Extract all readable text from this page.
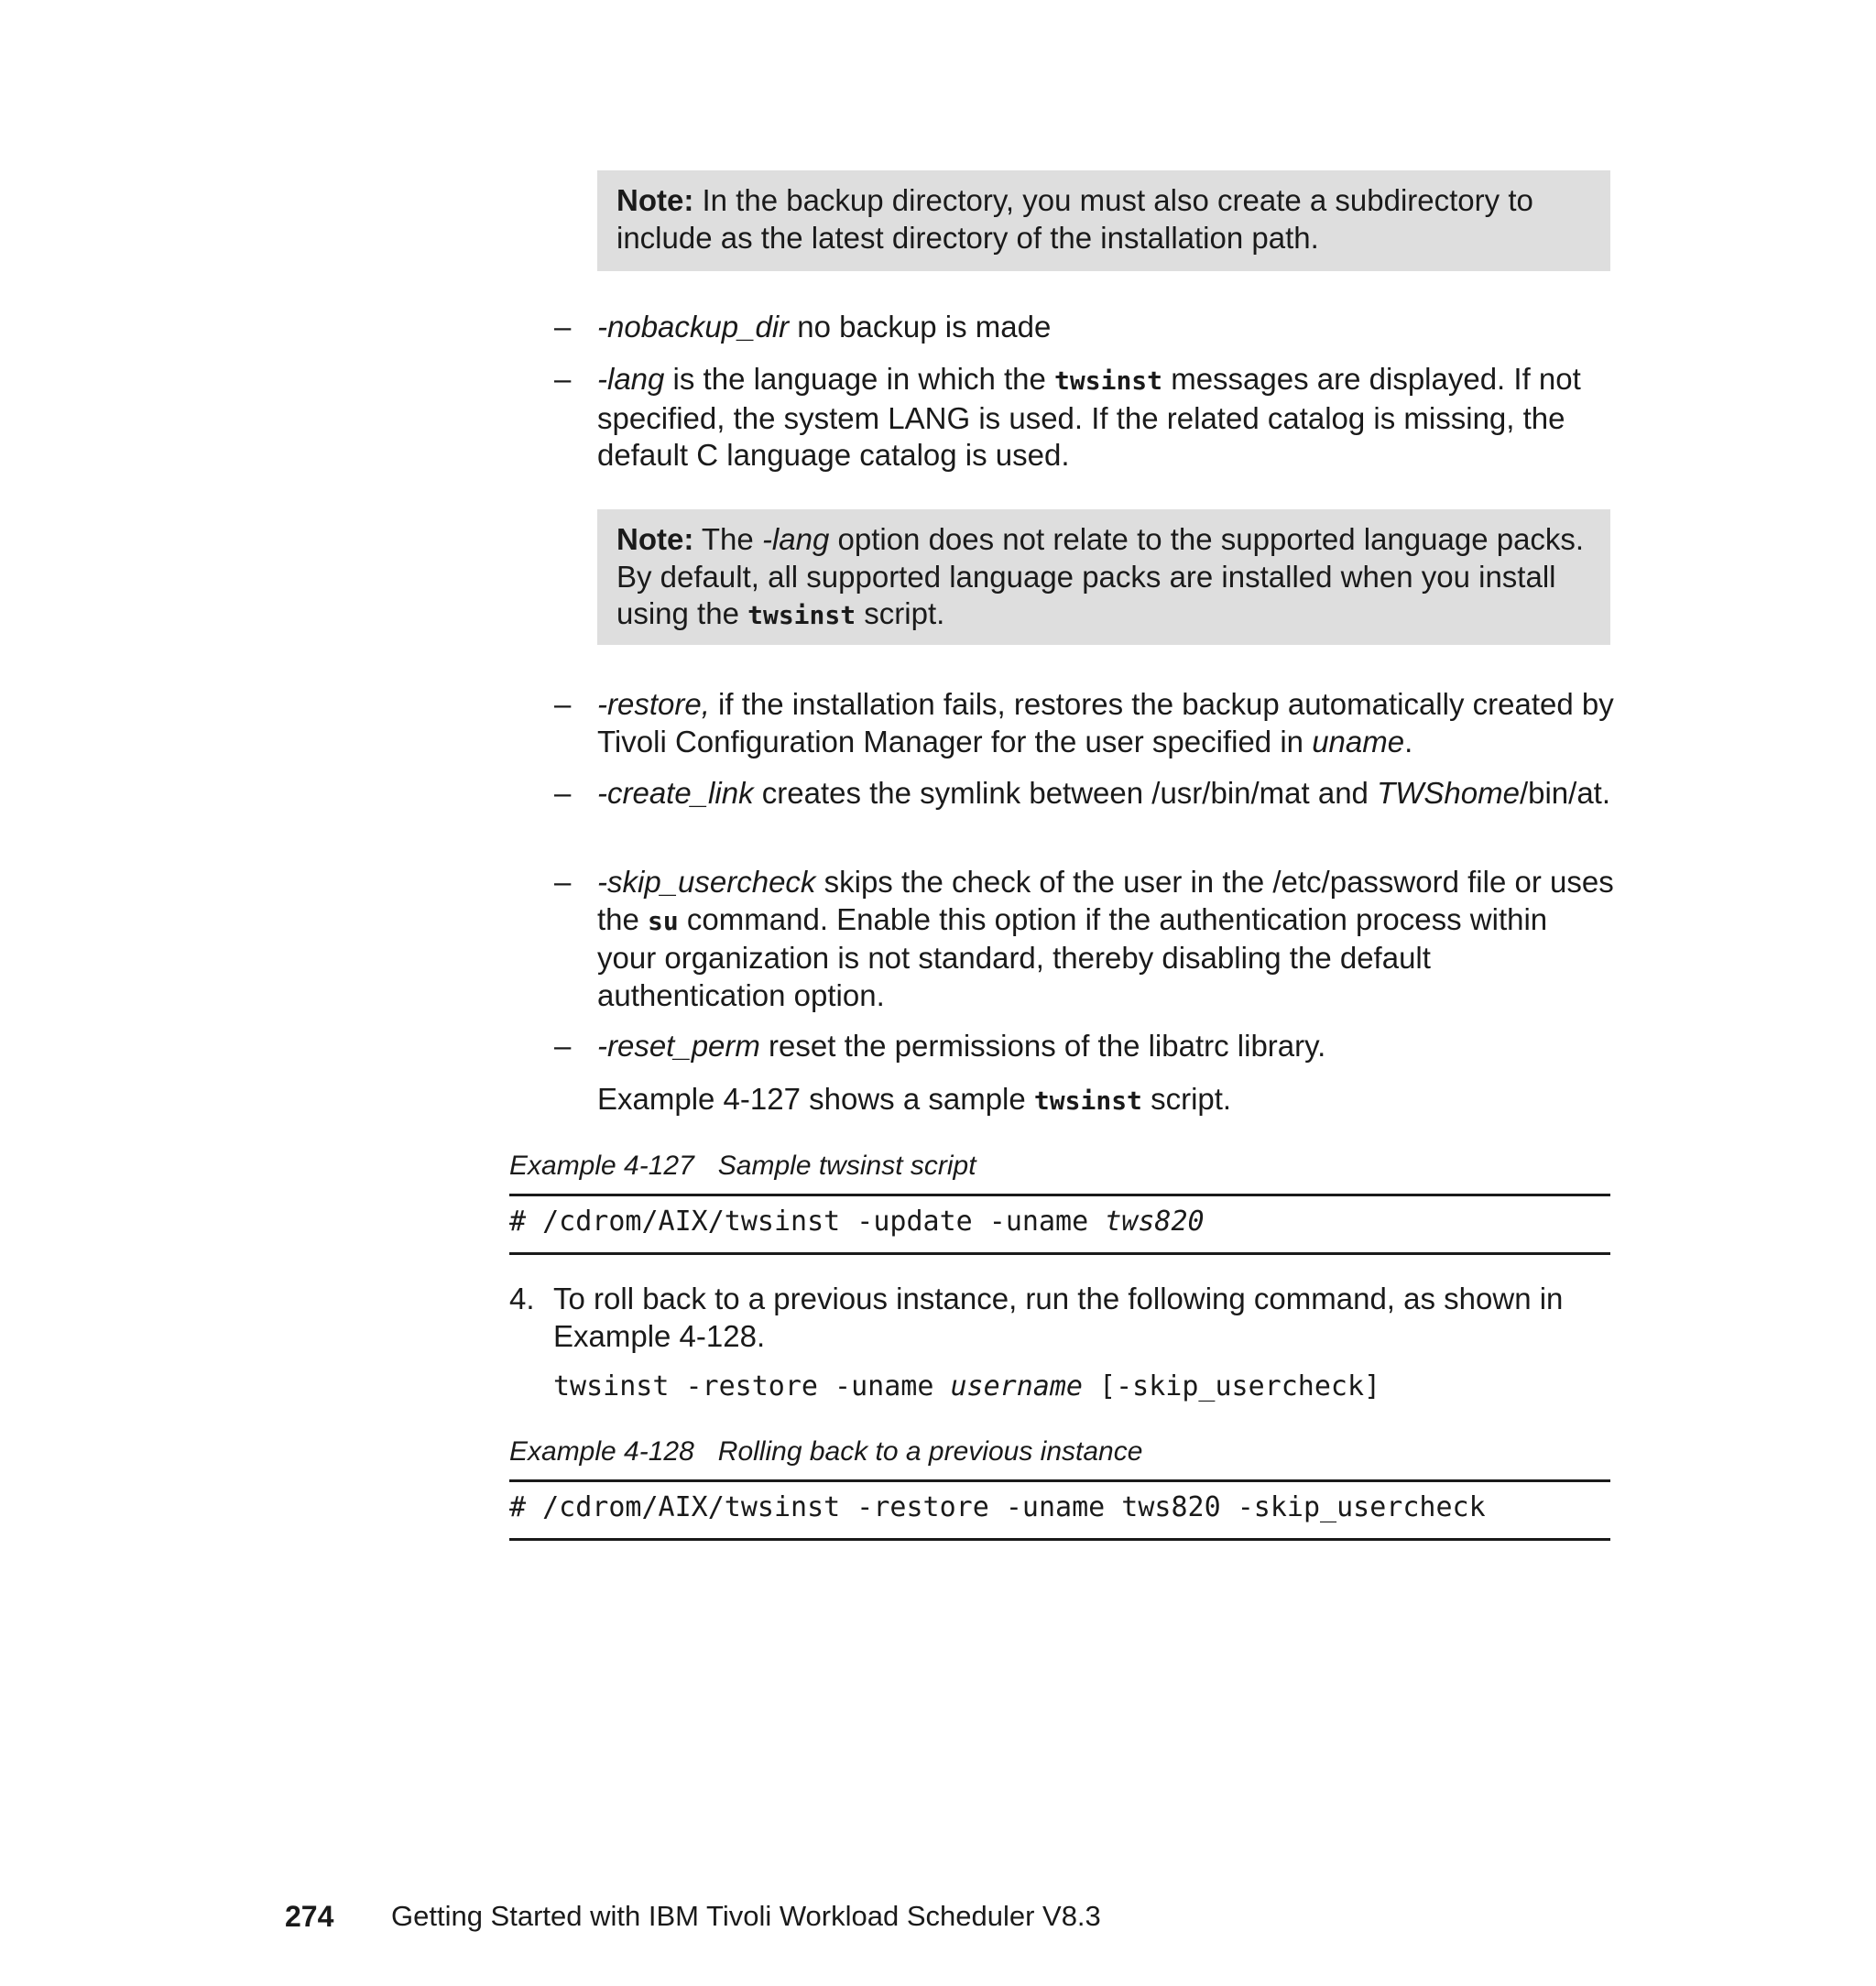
Note: In the backup directory, you must also create a subdirectory to include as the latest directory of the installation path.
– -nobackup_dir no backup is made
– -lang is the language in which the twsinst messages are displayed. If not specified, the system LANG is used. If the related catalog is missing, the default C language catalog is used.
Note: The -lang option does not relate to the supported language packs. By default, all supported language packs are installed when you install using the twsinst script.
– -restore, if the installation fails, restores the backup automatically created by Tivoli Configuration Manager for the user specified in uname.
– -create_link creates the symlink between /usr/bin/mat and TWShome/bin/at.
– -skip_usercheck skips the check of the user in the /etc/password file or uses the su command. Enable this option if the authentication process within your organization is not standard, thereby disabling the default authentication option.
– -reset_perm reset the permissions of the libatrc library.
Example 4-127 shows a sample twsinst script.
Example 4-127 Sample twsinst script
# /cdrom/AIX/twsinst -update -uname tws820
4. To roll back to a previous instance, run the following command, as shown in Example 4-128.
twsinst -restore -uname username [-skip_usercheck]
Example 4-128 Rolling back to a previous instance
# /cdrom/AIX/twsinst -restore -uname tws820 -skip_usercheck
274 Getting Started with IBM Tivoli Workload Scheduler V8.3
